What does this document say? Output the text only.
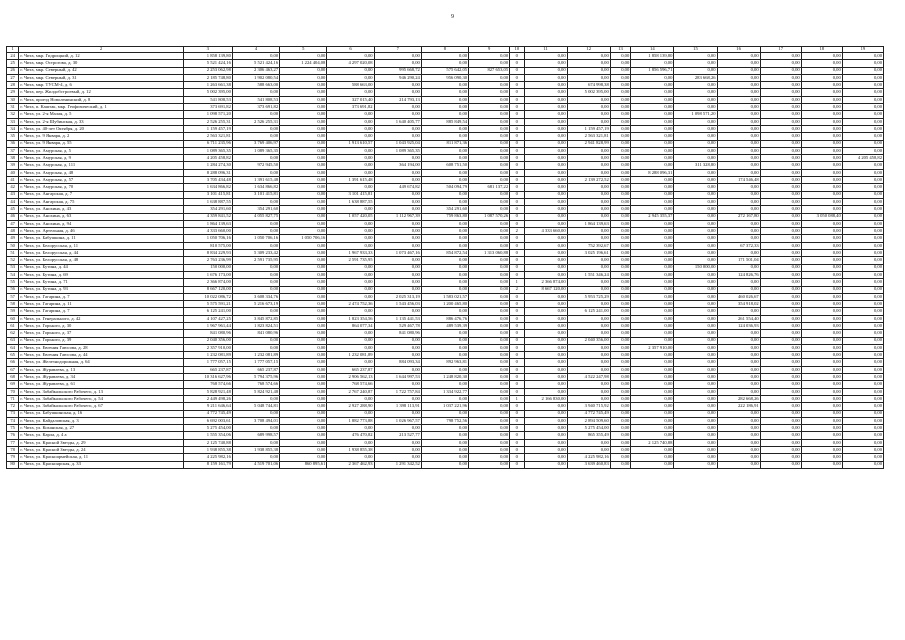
9
1	2	3	4	5	6	7	8	9	10	11	12	13	14	15	16	17	18	19
24	г. Чита, мкр. Гидрощкий, д. 12	1 858 139,80	0,00	0,00	0,00	0,00	0,00	0,00	0	0,00	0,00	0,00	1 858 139,80	0,00	0,00	0,00	0,00	0,00
25	г. Чита, мкр. Острогова, д. 30	5 521 424,16	5 521 424,16	1 224 404,08	4 297 020,08	0,00	0,00	0,00	0	0,00	0,00	0,00	0,00	0,00	0,00	0,00	0,00	0,00
26	г. Чита, мкр. Северный, д. 42	2 253 062,98	2 306 463,27	0,00	0,00	995 668,72	575 642,05	827 653,05	0	0,00	0,00	0,00	1 856 596,71	0,00	0,00	0,00	0,00	0,00
27	г. Чита, мкр. Северный, д. 31	2 185 748,80	1 902 080,54	0,00	0,00	946 290,24	956 090,30	0,00	0	0,00	0,00	0,00	0,00	283 668,26	0,00	0,00	0,00	0,00
28	г. Чита, мкр. ТУСМ-4, д. 6	1 263 661,38	588 663,00	0,00	588 663,00	0,00	0,00	0,00	0	0,00	674 998,38	0,00	0,00	0,00	0,00	0,00	0,00	0,00
29	г. Чита, пер. Жилдобстроевый, д. 12	5 002 395,00	0,00	0,00	0,00	0,00	0,00	0,00	0	0,00	5 002 395,00	0,00	0,00	0,00	0,00	0,00	0,00	0,00
30	г. Чита, проезд Новоленинский, д. 8	541 808,53	541 808,53	0,00	327 015,40	214 793,13	0,00	0,00	0	0,00	0,00	0,00	0,00	0,00	0,00	0,00	0,00	0,00
31	г. Чита, п. Каштак, мкр. Геофизический, д. 1	373 691,82	373 691,82	0,00	373 691,82	0,00	0,00	0,00	0	0,00	0,00	0,00	0,00	0,00	0,00	0,00	0,00	0,00
32	г. Чита, ул. 2-я Малая, д. 5	1 098 571,20	0,00	0,00	0,00	0,00	0,00	0,00	0	0,00	0,00	0,00	0,00	1 098 571,20	0,00	0,00	0,00	0,00
33	г. Чита, ул. 2-я Шубинская, д. 33	2 526 255,31	2 526 255,31	0,00	0,00	1 640 405,77	885 849,54	0,00	0	0,00	0,00	0,00	0,00	0,00	0,00	0,00	0,00	0,00
34	г. Чита, ул. 40-лет Октября, д. 20	1 159 457,19	0,00	0,00	0,00	0,00	0,00	0,00	0	0,00	1 159 457,19	0,00	0,00	0,00	0,00	0,00	0,00	0,00
35	г. Чита, ул. 9 Января, д. 2	2 563 321,81	0,00	0,00	0,00	0,00	0,00	0,00	0	0,00	2 563 321,81	0,00	0,00	0,00	0,00	0,00	0,00	0,00
36	г. Чита, ул. 9 Января, д. 55	6 711 235,96	3 769 406,97	0,00	1 913 610,57	1 043 925,04	811 871,36	0,00	0	0,00	2 941 828,99	0,00	0,00	0,00	0,00	0,00	0,00	0,00
37	г. Чита, ул. Амурская, д. 5	1 089 365,35	1 089 365,35	0,00	0,00	1 089 365,35	0,00	0,00	0	0,00	0,00	0,00	0,00	0,00	0,00	0,00	0,00	0,00
38	г. Чита, ул. Амурская, д. 9	4 205 458,82	0,00	0,00	0,00	0,00	0,00	0,00	0	0,00	0,00	0,00	0,00	0,00	0,00	0,00	0,00	4 205 458,82
39	г. Чита, ул. Амурская, д. 111	1 284 274,30	972 945,50	0,00	0,00	364 194,00	608 751,50	0,00	0	0,00	0,00	0,00	0,00	311 328,80	0,00	0,00	0,00	0,00
40	г. Чита, ул. Амурская, д. 48	8 288 096,31	0,00	0,00	0,00	0,00	0,00	0,00	0	0,00	0,00	0,00	8 288 096,31	0,00	0,00	0,00	0,00	0,00
41	г. Чита, ул. Амурская, д. 57	3 705 434,48	1 391 615,48	0,00	1 391 615,48	0,00	0,00	0,00	0	0,00	2 139 272,52	0,00	0,00	0,00	174 546,48	0,00	0,00	0,00
42	г. Чита, ул. Амурская, д. 70	1 634 866,82	1 634 866,82	0,00	0,00	449 674,82	504 094,79	681 137,22	0	0,00	0,00	0,00	0,00	0,00	0,00	0,00	0,00	0,00
43	г. Чита, ул. Ангарская, д. 7	3 101 415,81	3 101 415,81	0,00	3 101 415,81	0,00	0,00	0,00	0	0,00	0,00	0,00	0,00	0,00	0,00	0,00	0,00	0,00
44	г. Чита, ул. Ангарская, д. 75	1 638 887,55	0,00	0,00	1 638 887,55	0,00	0,00	0,00	0	0,00	0,00	0,00	0,00	0,00	0,00	0,00	0,00	0,00
45	г. Чита, ул. Анохина, д. 43	354 291,60	354 291,60	0,00	0,00	0,00	354 291,60	0,00	0	0,00	0,00	0,00	0,00	0,00	0,00	0,00	0,00	0,00
46	г. Чита, ул. Анохина, д. 63	4 359 841,52	4 055 827,75	0,00	1 057 420,05	1 112 967,39	759 863,80	1 087 570,26	0	0,00	0,00	0,00	2 945 355,37	0,00	272 167,80	0,00	3 050 088,40	0,00
47	г. Чита, ул. Анохина, д. 94	1 864 139,63	0,00	0,00	0,00	0,00	0,00	0,00	0	0,00	1 864 139,63	0,00	0,00	0,00	0,00	0,00	0,00	0,00
48	г. Чита, ул. Артельная, д. 46	4 333 660,00	0,00	0,00	0,00	0,00	0,00	0,00	2	4 333 660,00	0,00	0,00	0,00	0,00	0,00	0,00	0,00	0,00
49	г. Чита, ул. Бабушкина, д. 11	1 050 706,16	1 050 706,16	1 050 706,16	0,00	0,00	0,00	0,00	0	0,00	0,00	0,00	0,00	0,00	0,00	0,00	0,00	0,00
50	г. Чита, ул. Белорусская, д. 11	810 575,00	0,00	0,00	0,00	0,00	0,00	0,00	0	0,00	752 392,67	0,00	0,00	0,00	67 372,33	0,00	0,00	0,00
51	г. Чита, ул. Белорусская, д. 44	8 834 229,93	5 309 233,42	0,00	1 967 933,33	1 073 467,16	854 872,54	1 313 060,88	0	0,00	3 025 196,61	0,00	0,00	0,00	0,00	0,00	0,00	0,00
52	г. Чита, ул. Белорусская, д. 48	2 763 236,99	2 591 735,95	0,00	2 591 735,95	0,00	0,00	0,00	0	0,00	0,00	0,00	0,00	0,00	171 501,04	0,00	0,00	0,00
53	г. Чита, ул. Бутина, д. 44	150 000,00	0,00	0,00	0,00	0,00	0,00	0,00	0	0,00	0,00	0,00	0,00	150 000,00	0,00	0,00	0,00	0,00
54	г. Чита, ул. Бутина, д. 69	1 676 173,00	0,00	0,00	0,00	0,00	0,00	0,00	0	0,00	1 551 346,24	0,00	0,00	0,00	124 826,76	0,00	0,00	0,00
55	г. Чита, ул. Бутина, д. 71	2 366 874,00	0,00	0,00	0,00	0,00	0,00	0,00	1	2 366 874,00	0,00	0,00	0,00	0,00	0,00	0,00	0,00	0,00
56	г. Чита, ул. Бутина, д. 93	8 667 120,00	0,00	0,00	0,00	0,00	0,00	0,00	2	8 667 120,00	0,00	0,00	0,00	0,00	0,00	0,00	0,00	0,00
57	г. Чита, ул. Гагарина, д. 7	10 022 086,72	3 608 334,76	0,00	0,00	2 025 313,19	1 583 021,57	0,00	0	0,00	5 953 725,29	0,00	0,00	0,00	460 026,67	0,00	0,00	0,00
58	г. Чита, ул. Гагарина, д. 11	5 575 591,21	5 216 673,19	0,00	2 474 752,36	1 543 456,03	1 200 465,80	0,00	0	0,00	0,00	0,00	0,00	0,00	354 918,02	0,00	0,00	0,00
59	г. Чита, ул. Гагарина, д. 7	6 125 241,00	0,00	0,00	0,00	0,00	0,00	0,00	0	0,00	6 125 241,00	0,00	0,00	0,00	0,00	0,00	0,00	0,00
60	г. Чита, ул. Генерального, д. 42	4 107 427,25	3 845 872,85	0,00	1 823 354,56	1 135 441,53	886 476,76	0,00	0	0,00	0,00	0,00	0,00	0,00	261 554,40	0,00	0,00	0,00
61	г. Чита, ул. Горького, д. 30	1 967 961,44	1 823 824,51	0,00	864 077,34	529 467,78	489 539,39	0,00	0	0,00	0,00	0,00	0,00	0,00	124 036,93	0,00	0,00	0,00
62	г. Чита, ул. Горького, д. 37	841 080,96	841 080,96	0,00	0,00	841 080,96	0,00	0,00	0	0,00	0,00	0,00	0,00	0,00	0,00	0,00	0,00	0,00
63	г. Чита, ул. Горького, д. 39	2 040 356,00	0,00	0,00	0,00	0,00	0,00	0,00	0	0,00	2 040 356,00	0,00	0,00	0,00	0,00	0,00	0,00	0,00
64	г. Чита, ул. Евгения Гаюсова, д. 28	2 357 910,00	0,00	0,00	0,00	0,00	0,00	0,00	0	0,00	0,00	0,00	2 357 910,00	0,00	0,00	0,00	0,00	0,00
65	г. Чита, ул. Евгения Гаюсова, д. 44	1 232 081,89	1 232 081,89	0,00	1 232 081,89	0,00	0,00	0,00	0	0,00	0,00	0,00	0,00	0,00	0,00	0,00	0,00	0,00
66	г. Чита, ул. Железнодорожная, д. 64	1 777 057,15	1 777 057,15	0,00	0,00	884 093,34	892 963,81	0,00	0	0,00	0,00	0,00	0,00	0,00	0,00	0,00	0,00	0,00
67	г. Чита, ул. Журавлева, д. 13	665 237,87	665 237,87	0,00	665 237,87	0,00	0,00	0,00	0	0,00	0,00	0,00	0,00	0,00	0,00	0,00	0,00	0,00
68	г. Чита, ул. Журавлева, д. 34	10 316 627,96	5 794 375,96	0,00	2 906 562,13	1 644 997,53	1 248 820,30	0,00	0	0,00	4 522 247,98	0,00	0,00	0,00	0,00	0,00	0,00	0,00
69	г. Чита, ул. Журавлева, д. 61	768 574,66	768 574,66	0,00	768 574,66	0,00	0,00	0,00	0	0,00	0,00	0,00	0,00	0,00	0,00	0,00	0,00	0,00
70	г. Чита, ул. Забайкальского Рабочего, д. 13	5 828 921,48	5 824 921,48	0,00	2 767 240,87	1 722 757,84	1 334 922,77	0,00	0	0,00	0,00	0,00	0,00	0,00	0,00	0,00	0,00	0,00
71	г. Чита, ул. Забайкальского Рабочего, д. 54	2 449 498,26	0,00	0,00	0,00	0,00	0,00	0,00	1	2 166 830,00	0,00	0,00	0,00	0,00	282 668,26	0,00	0,00	0,00
72	г. Чита, ул. Забайкальского Рабочего, д. 67	9 211 646,64	5 048 744,81	0,00	2 927 288,90	1 398 113,91	1 037 221,96	0,00	0	0,00	3 940 715,92	0,00	0,00	0,00	222 186,91	0,00	0,00	0,00
73	г. Чита, ул. Бабушкинская, д. 16	4 772 745,49	0,00	0,00	0,00	0,00	0,00	0,00	0	0,00	4 772 745,49	0,00	0,00	0,00	0,00	0,00	0,00	0,00
74	г. Чита, ул. Кайдаловская, д. 3	6 692 003,61	3 708 494,01	0,00	1 882 773,88	1 026 967,57	798 752,56	0,00	0	0,00	2 894 509,60	0,00	0,00	0,00	0,00	0,00	0,00	0,00
75	г. Чита, ул. Коханская, д. 27	5 275 454,00	0,00	0,00	0,00	0,00	0,00	0,00	0	0,00	5 275 454,00	0,00	0,00	0,00	0,00	0,00	0,00	0,00
76	г. Чита, ул. Карла, д. 4 а	1 555 354,06	689 998,57	0,00	476 470,82	213 527,77	0,00	0,00	0	0,00	865 355,49	0,00	0,00	0,00	0,00	0,00	0,00	0,00
77	г. Чита, ул. Красной Звезды, д. 29	2 125 740,88	0,00	0,00	0,00	0,00	0,00	0,00	0	0,00	0,00	0,00	2 125 740,88	0,00	0,00	0,00	0,00	0,00
78	г. Чита, ул. Красной Звезды, д. 24	1 938 855,38	1 938 855,38	0,00	1 938 855,38	0,00	0,00	0,00	0	0,00	0,00	0,00	0,00	0,00	0,00	0,00	0,00	0,00
79	г. Чита, ул. Красноармейская, д. 11	4 225 982,16	0,00	0,00	0,00	0,00	0,00	0,00	0	0,00	4 225 982,16	0,00	0,00	0,00	0,00	0,00	0,00	0,00
80	г. Чита, ул. Красноярская, д. 33	8 159 161,79	4 519 701,06	860 895,61	2 367 462,93	1 291 342,52	0,00	0,00	0	0,00	3 639 460,83	0,00	0,00	0,00	0,00	0,00	0,00	0,00
